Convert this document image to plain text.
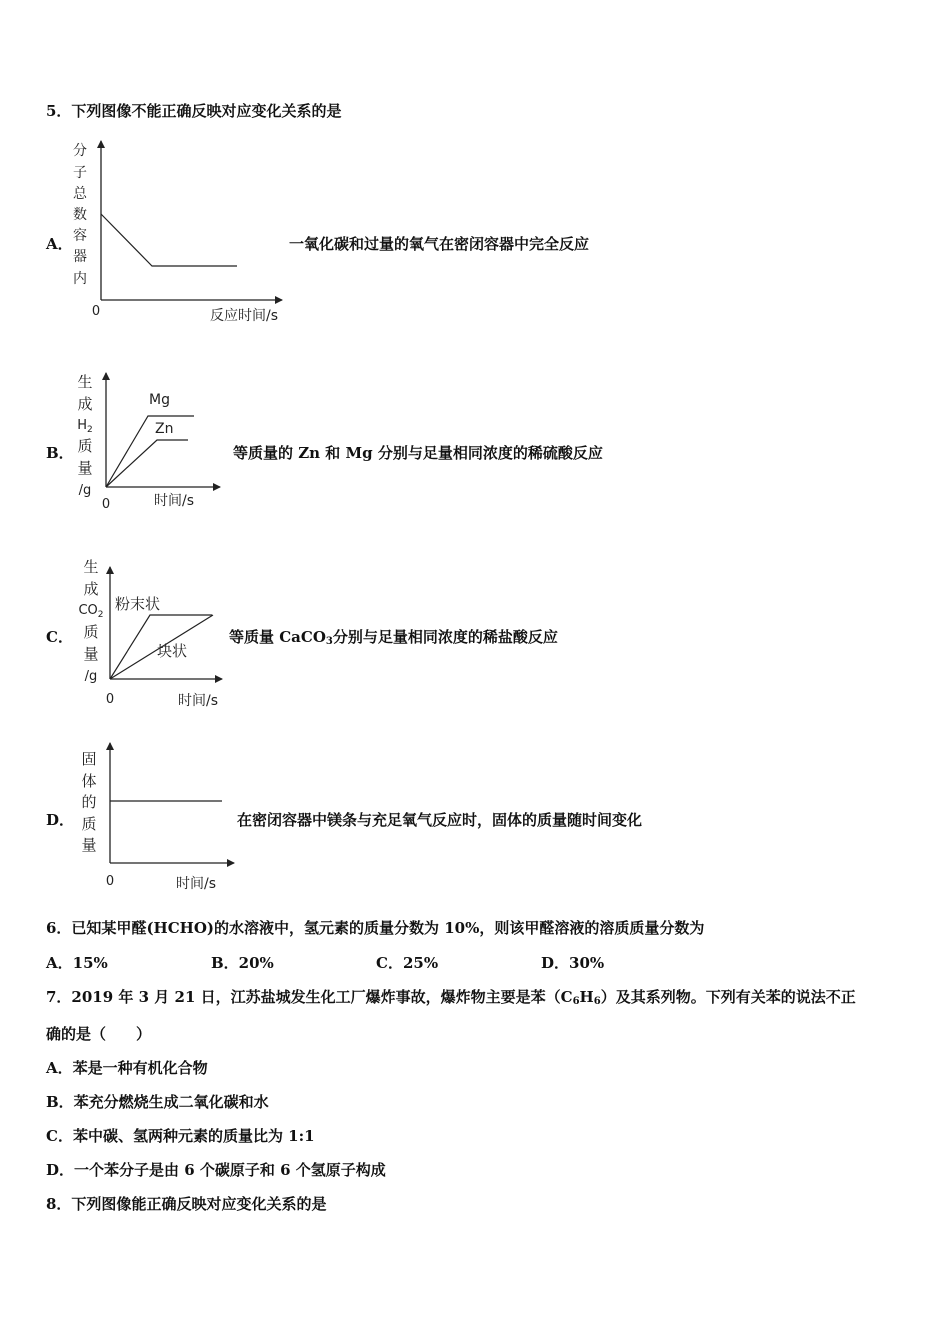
5．下列图像不能正确反映对应变化关系的是
A．
分
子
总
数
容
器
内
0	反应时间/s
一氧化碳和过量的氧气在密闭容器中完全反应
B．
Mg
Zn
生
成
$H_2$
质
量
/g
0	时间/s
等质量的 Zn 和 Mg 分别与足量相同浓度的稀硫酸反应
C．
粉末状
块状
生
成
$CO_2$
质
量
/g
0	时间/s
等质量 CaCO$_3$分别与足量相同浓度的稀盐酸反应
D．
固
体
的
质
量
0	时间/s
在密闭容器中镁条与充足氧气反应时，固体的质量随时间变化
6．已知某甲醛(HCHO)的水溶液中，氢元素的质量分数为 10%，则该甲醛溶液的溶质质量分数为
A．15%	B．20%	C．25%	D．30%
7．2019 年 3 月 21 日，江苏盐城发生化工厂爆炸事故，爆炸物主要是苯$(C_6H_6)$及其系列物。下列有关苯的说法不正
确的是（　　）
A．苯是一种有机化合物
B．苯充分燃烧生成二氧化碳和水
C．苯中碳、氢两种元素的质量比为 1:1
D．一个苯分子是由 6 个碳原子和 6 个氢原子构成
8．下列图像能正确反映对应变化关系的是
